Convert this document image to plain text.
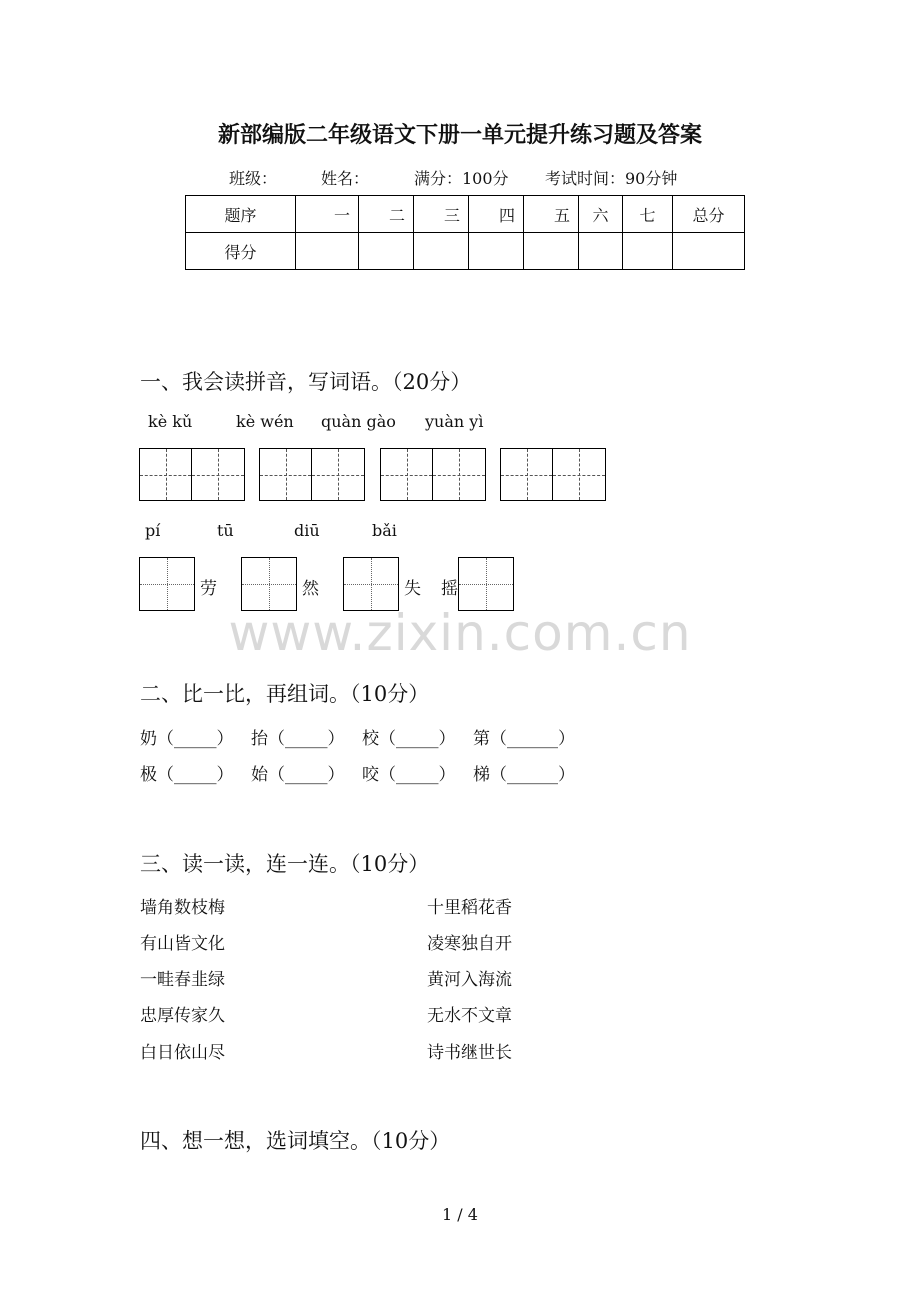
新部编版二年级语文下册一单元提升练习题及答案
班级：	姓名：	满分：100分 考试时间：90分钟
题序	一	二	三	四	五	六	七	总分
得分								
一、我会读拼音，写词语。（20分）
kè kǔ	kè wén quàn gào yuàn yì
pí	tū	diū	bǎi
劳	然	失 摇
www.zixin.com.cn
二、比一比，再组词。（10分）
奶（_____） 抬（_____） 校（_____） 第（______）
极（_____） 始（_____） 咬（_____） 梯（______）
三、读一读，连一连。（10分）
墙角数枝梅
有山皆文化
一畦春韭绿
忠厚传家久
白日依山尽
十里稻花香
凌寒独自开
黄河入海流
无水不文章
诗书继世长
四、想一想，选词填空。（10分）
1 / 4
